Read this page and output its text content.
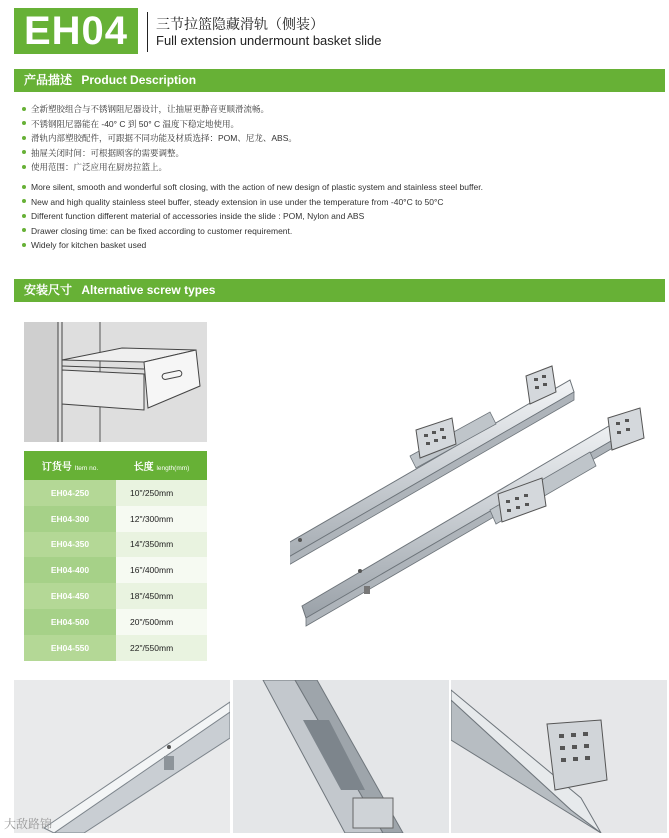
EH04	三节拉篮隐藏滑轨（侧装）
Full extension undermount basket slide
产品描述 Product Description
全新塑胶组合与不锈钢阻尼器设计，让抽屉更静音更顺滑流畅。
不锈钢阻尼器能在 -40° C 到 50° C 温度下稳定地使用。
滑轨内部塑胶配件，可跟据不同功能及材质选择：POM、尼龙、ABS。
抽屉关闭时间：可根据顾客的需要调整。
使用范围：广泛应用在厨房拉篮上。
More silent, smooth and wonderful soft closing, with the action of new design of plastic system and stainless steel buffer.
New and high quality stainless steel buffer, steady extension in use under the temperature from -40°C to 50°C
Different function different material of accessories inside the slide : POM, Nylon and ABS
Drawer closing time: can be fixed according to customer requirement.
Widely for kitchen basket used
安装尺寸 Alternative screw types
订货号 Item no.	长度 length(mm)
EH04-250	10"/250mm
EH04-300	12"/300mm
EH04-350	14"/350mm
EH04-400	16"/400mm
EH04-450	18"/450mm
EH04-500	20"/500mm
EH04-550	22"/550mm
大敌路锦
